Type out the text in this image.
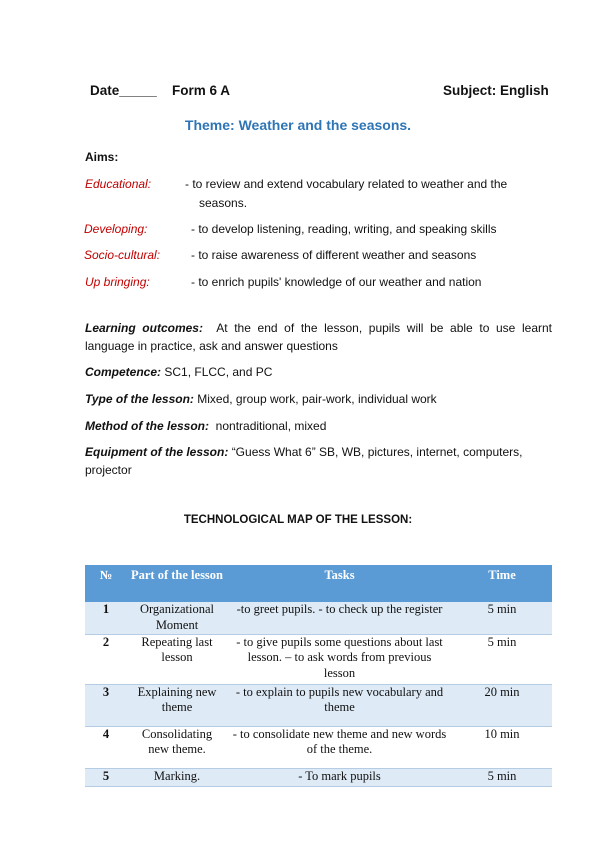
Date_____ Form 6 A	Subject: English
Theme: Weather and the seasons.
Aims:
Educational:	- to review and extend vocabulary related to weather and the
seasons.
Developing:	- to develop listening, reading, writing, and speaking skills
Socio-cultural:	- to raise awareness of different weather and seasons
Up bringing:	- to enrich pupils' knowledge of our weather and nation
Learning outcomes: At the end of the lesson, pupils will be able to use learnt language in practice, ask and answer questions
Competence: SC1, FLCC, and PC
Type of the lesson: Mixed, group work, pair-work, individual work
Method of the lesson: nontraditional, mixed
Equipment of the lesson: “Guess What 6” SB, WB, pictures, internet, computers, projector
TECHNOLOGICAL MAP OF THE LESSON:
№	Part of the lesson	Tasks	Time
1	Organizational Moment	-to greet pupils. - to check up the register	5 min
2	Repeating last lesson	- to give pupils some questions about last lesson. – to ask words from previous lesson	5 min
3	Explaining new theme	- to explain to pupils new vocabulary and theme	20 min
4	Consolidating new theme.	- to consolidate new theme and new words of the theme.	10 min
5	Marking.	- To mark pupils	5 min
